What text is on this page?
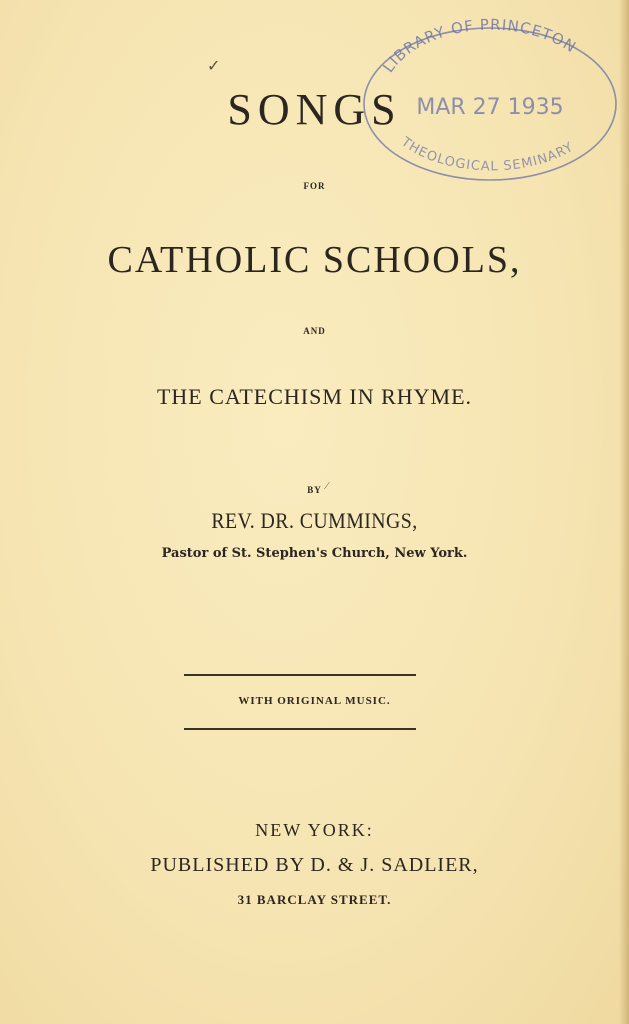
✓
SONGS
FOR
CATHOLIC SCHOOLS,
AND
THE CATECHISM IN RHYME.
BY ⁄
REV. DR. CUMMINGS,
Pastor of St. Stephen's Church, New York.
WITH ORIGINAL MUSIC.
NEW YORK:
PUBLISHED BY D. & J. SADLIER,
31 BARCLAY STREET.
LIBRARY OF PRINCETON
MAR 27 1935
THEOLOGICAL SEMINARY
